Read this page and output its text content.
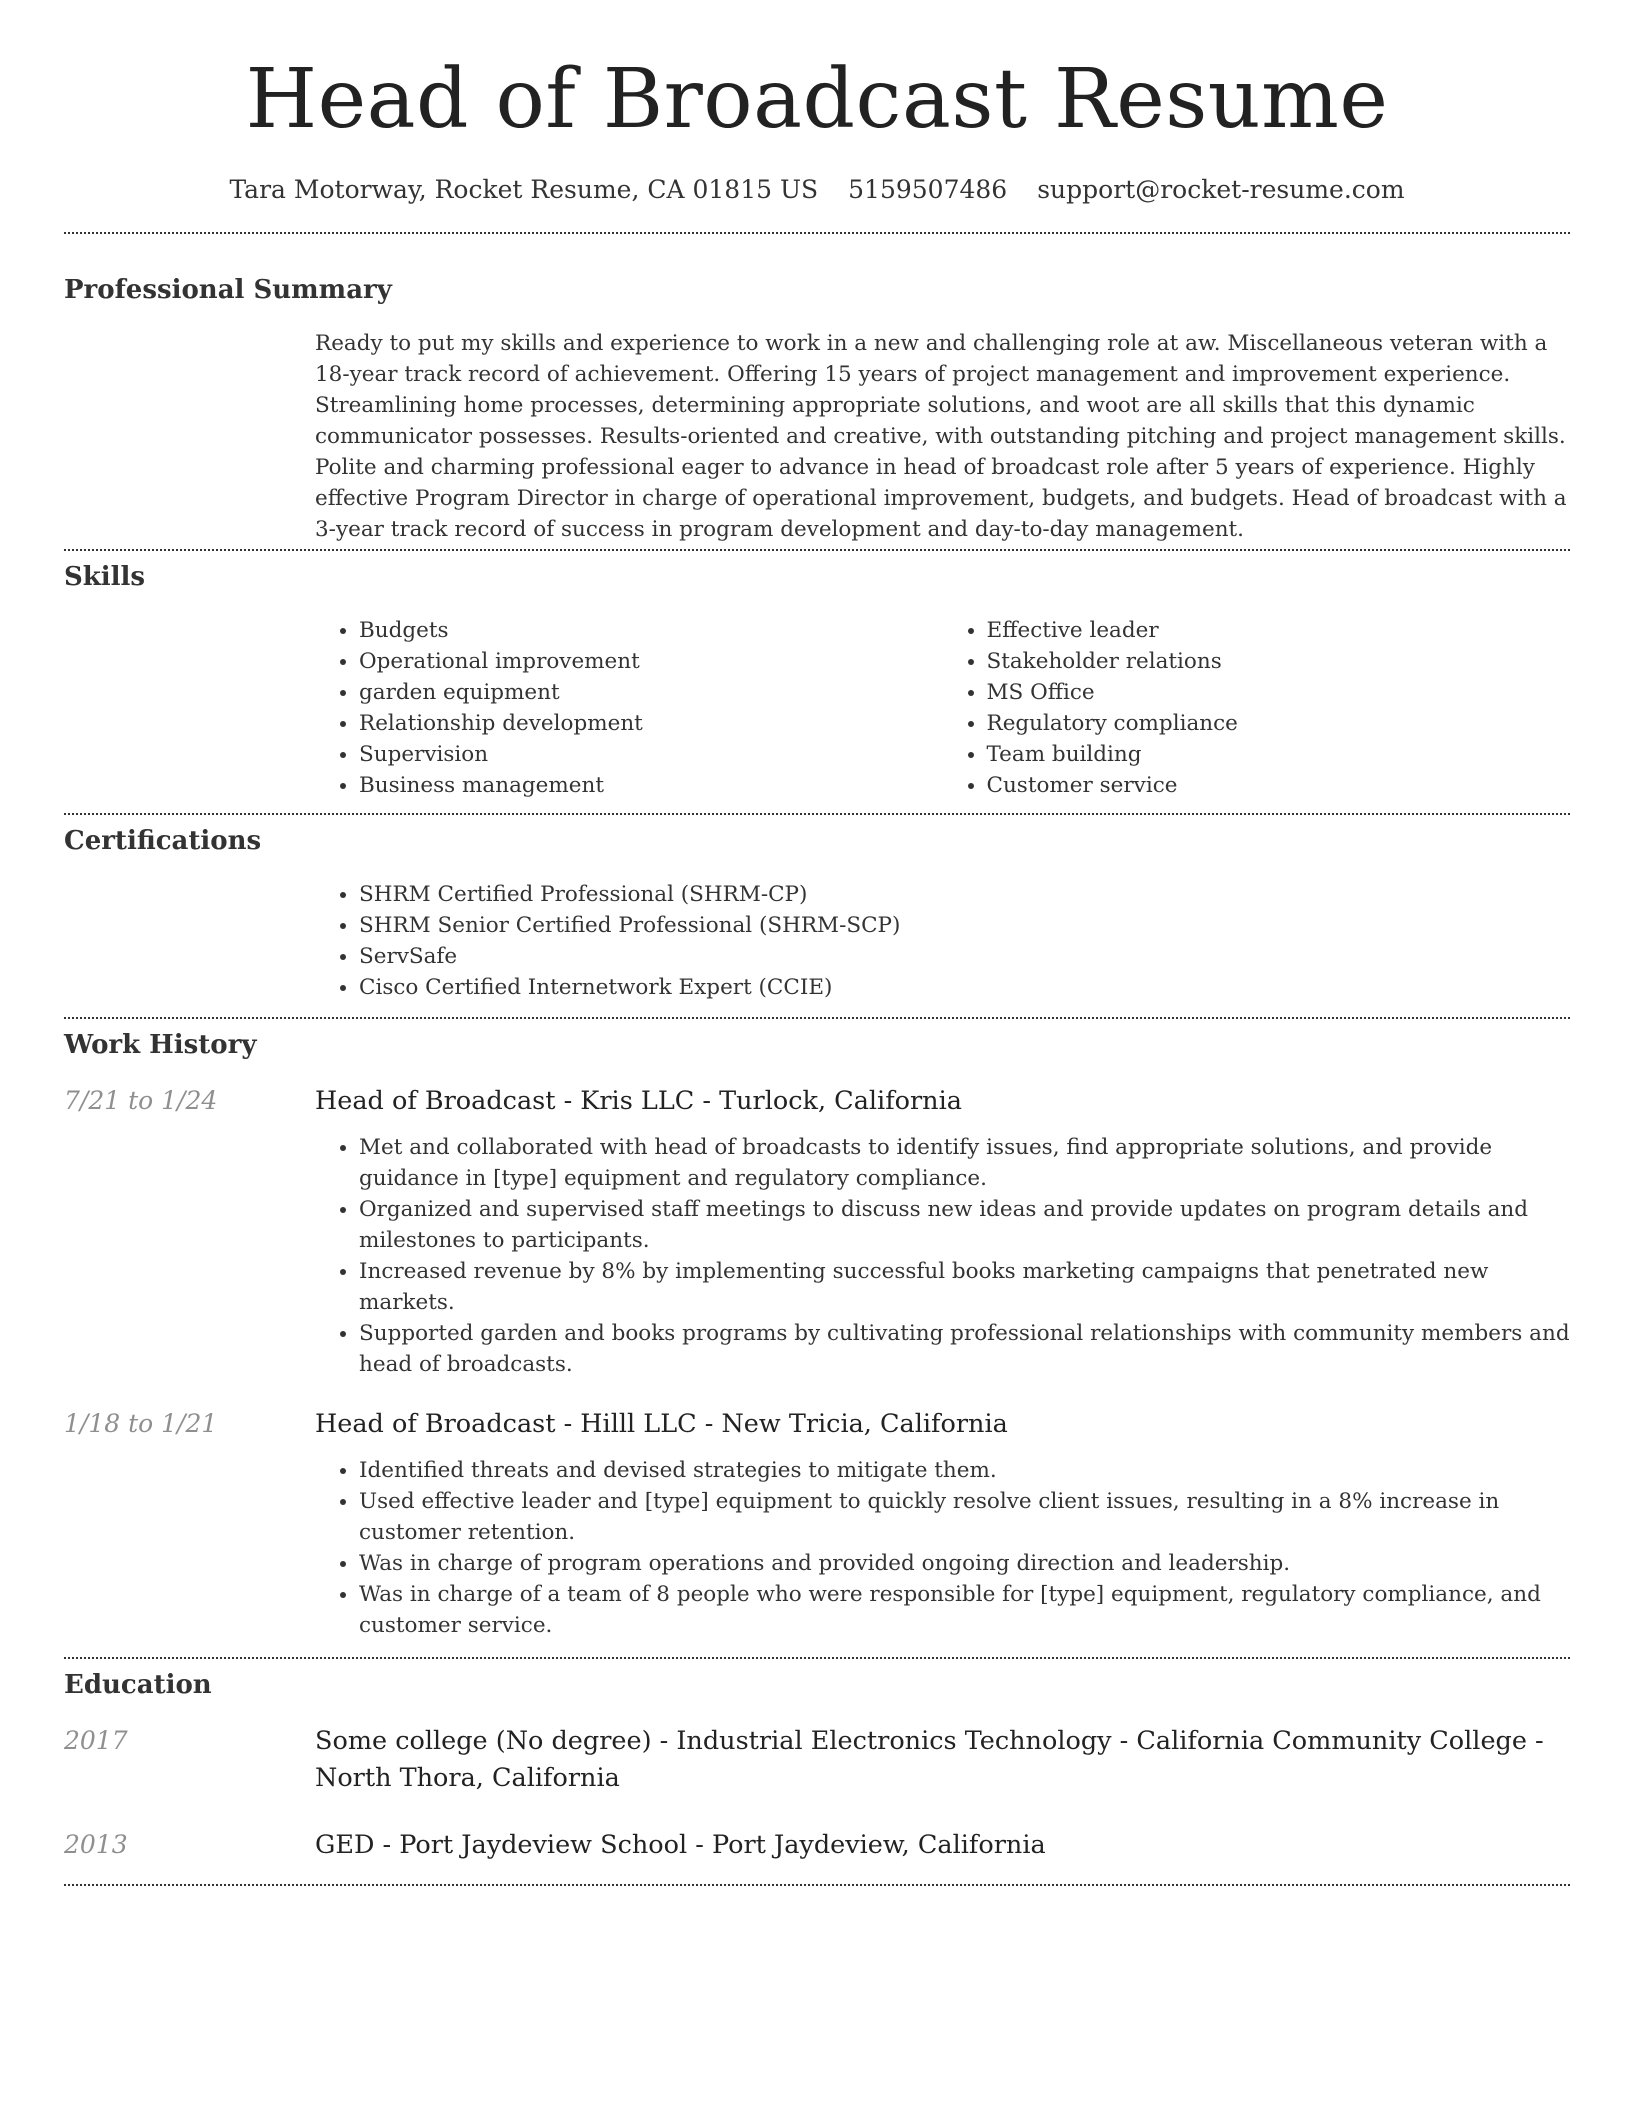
Head of Broadcast Resume
Tara Motorway, Rocket Resume, CA 01815 US 5159507486 support@rocket-resume.com
Professional Summary
Ready to put my skills and experience to work in a new and challenging role at aw. Miscellaneous veteran with a 18-year track record of achievement. Offering 15 years of project management and improvement experience. Streamlining home processes, determining appropriate solutions, and woot are all skills that this dynamic communicator possesses. Results-oriented and creative, with outstanding pitching and project management skills. Polite and charming professional eager to advance in head of broadcast role after 5 years of experience. Highly effective Program Director in charge of operational improvement, budgets, and budgets. Head of broadcast with a 3-year track record of success in program development and day-to-day management.
Skills
• Budgets
• Operational improvement
• garden equipment
• Relationship development
• Supervision
• Business management
• Effective leader
• Stakeholder relations
• MS Office
• Regulatory compliance
• Team building
• Customer service
Certifications
• SHRM Certified Professional (SHRM-CP)
• SHRM Senior Certified Professional (SHRM-SCP)
• ServSafe
• Cisco Certified Internetwork Expert (CCIE)
Work History
7/21 to 1/24	Head of Broadcast - Kris LLC - Turlock, California
• Met and collaborated with head of broadcasts to identify issues, find appropriate solutions, and provide guidance in [type] equipment and regulatory compliance.
• Organized and supervised staff meetings to discuss new ideas and provide updates on program details and milestones to participants.
• Increased revenue by 8% by implementing successful books marketing campaigns that penetrated new markets.
• Supported garden and books programs by cultivating professional relationships with community members and head of broadcasts.
1/18 to 1/21	Head of Broadcast - Hilll LLC - New Tricia, California
• Identified threats and devised strategies to mitigate them.
• Used effective leader and [type] equipment to quickly resolve client issues, resulting in a 8% increase in customer retention.
• Was in charge of program operations and provided ongoing direction and leadership.
• Was in charge of a team of 8 people who were responsible for [type] equipment, regulatory compliance, and customer service.
Education
2017	Some college (No degree) - Industrial Electronics Technology - California Community College - North Thora, California
2013	GED - Port Jaydeview School - Port Jaydeview, California
